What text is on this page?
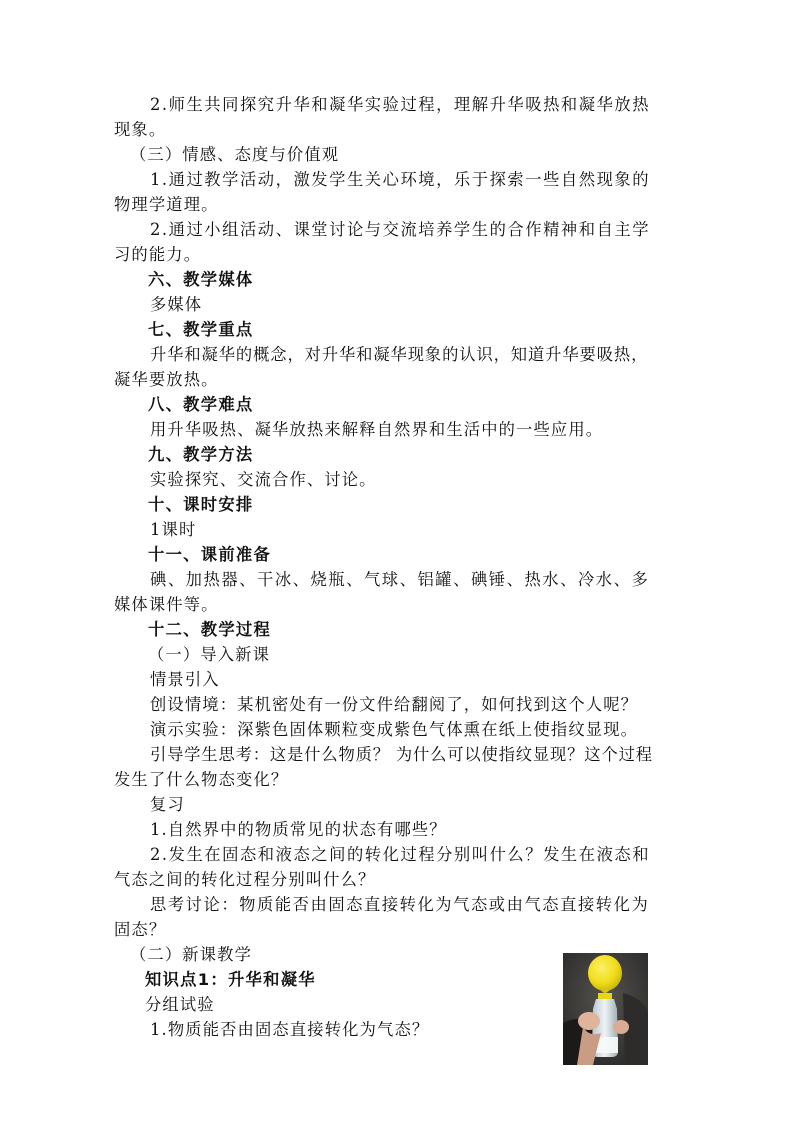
2.师生共同探究升华和凝华实验过程，理解升华吸热和凝华放热
现象。
（三）情感、态度与价值观
1.通过教学活动，激发学生关心环境，乐于探索一些自然现象的
物理学道理。
2.通过小组活动、课堂讨论与交流培养学生的合作精神和自主学
习的能力。
六、教学媒体
多媒体
七、教学重点
升华和凝华的概念，对升华和凝华现象的认识，知道升华要吸热，
凝华要放热。
八、教学难点
用升华吸热、凝华放热来解释自然界和生活中的一些应用。
九、教学方法
实验探究、交流合作、讨论。
十、课时安排
1课时
十一、课前准备
碘、加热器、干冰、烧瓶、气球、铝罐、碘锤、热水、冷水、多
媒体课件等。
十二、教学过程
（一）导入新课
情景引入
创设情境：某机密处有一份文件给翻阅了，如何找到这个人呢？
演示实验：深紫色固体颗粒变成紫色气体熏在纸上使指纹显现。
引导学生思考：这是什么物质？ 为什么可以使指纹显现？这个过程
发生了什么物态变化？
复习
1.自然界中的物质常见的状态有哪些？
2.发生在固态和液态之间的转化过程分别叫什么？发生在液态和
气态之间的转化过程分别叫什么？
思考讨论：物质能否由固态直接转化为气态或由气态直接转化为
固态？
（二）新课教学
知识点1：升华和凝华
分组试验
1.物质能否由固态直接转化为气态？
